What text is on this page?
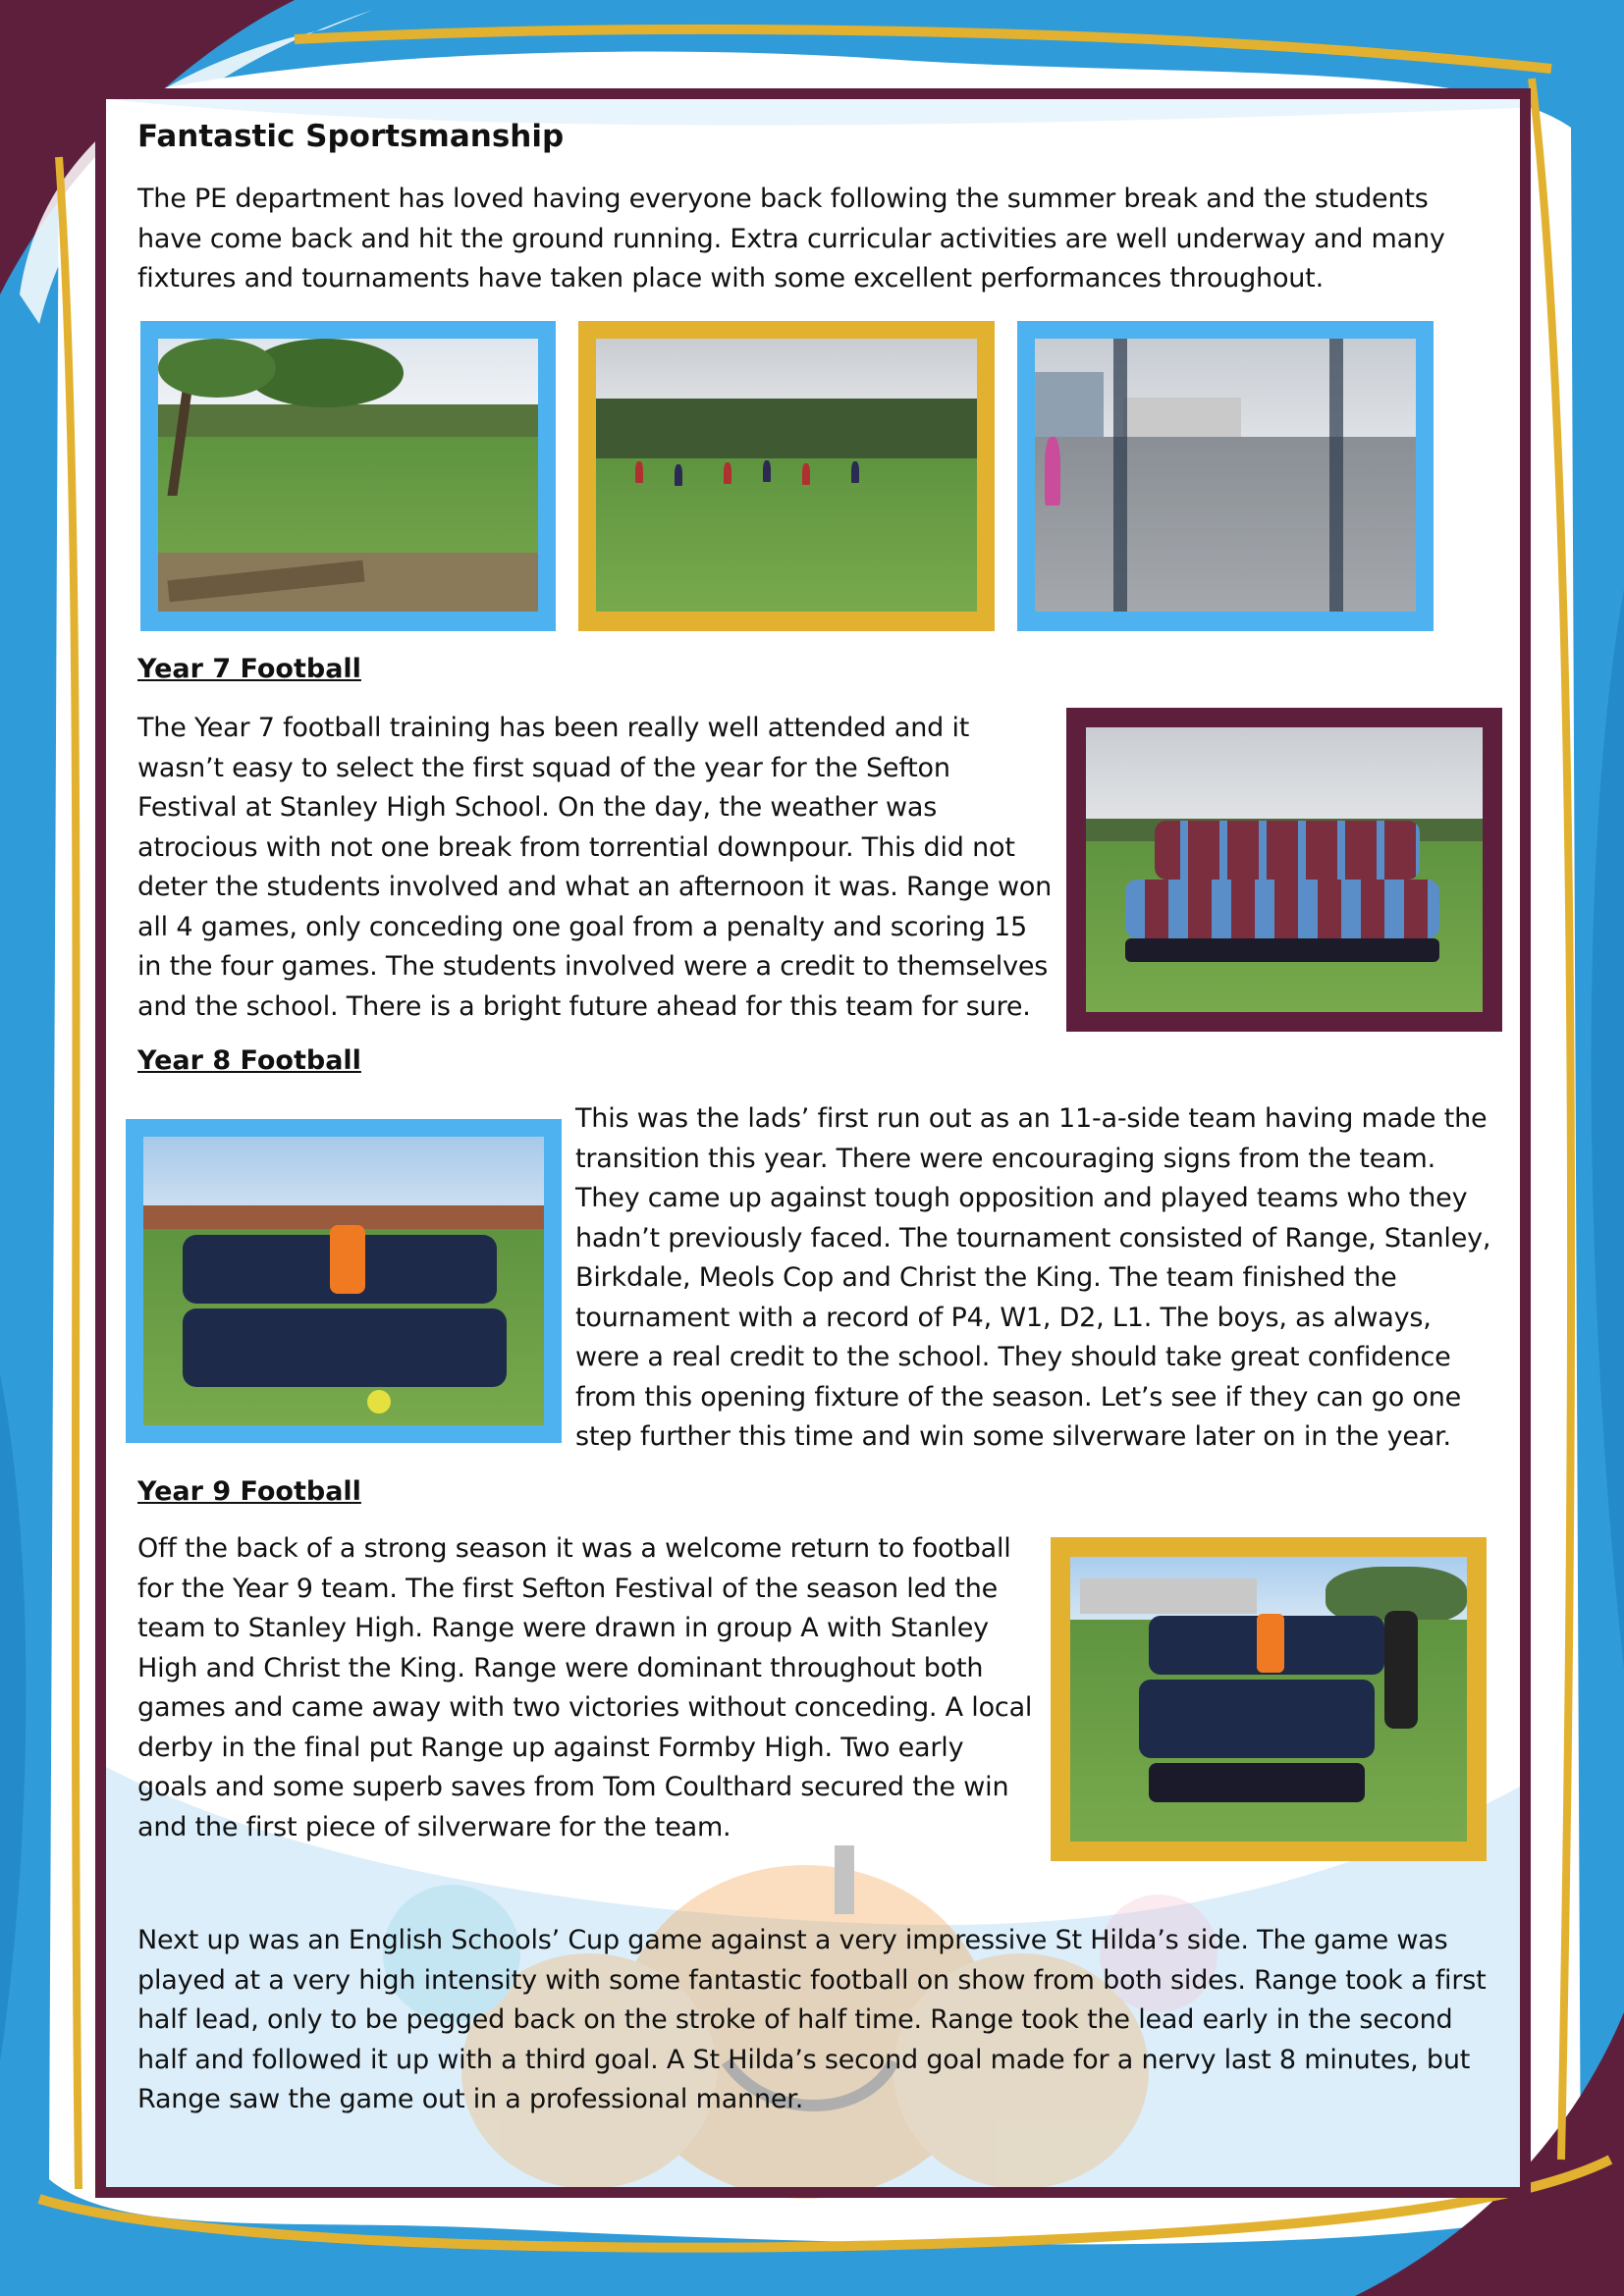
Fantastic Sportsmanship
The PE department has loved having everyone back following the summer break and the students have come back and hit the ground running. Extra curricular activities are well underway and many fixtures and tournaments have taken place with some excellent performances throughout.
Year 7 Football
The Year 7 football training has been really well attended and it wasn’t easy to select the first squad of the year for the Sefton Festival at Stanley High School. On the day, the weather was atrocious with not one break from torrential downpour. This did not deter the students involved and what an afternoon it was. Range won all 4 games, only conceding one goal from a penalty and scoring 15 in the four games. The students involved were a credit to themselves and the school. There is a bright future ahead for this team for sure.
Year 8 Football
This was the lads’ first run out as an 11-a-side team having made the transition this year. There were encouraging signs from the team. They came up against tough opposition and played teams who they hadn’t previously faced. The tournament consisted of Range, Stanley, Birkdale, Meols Cop and Christ the King. The team finished the tournament with a record of P4, W1, D2, L1. The boys, as always, were a real credit to the school. They should take great confidence from this opening fixture of the season. Let’s see if they can go one step further this time and win some silverware later on in the year.
Year 9 Football
Off the back of a strong season it was a welcome return to football for the Year 9 team. The first Sefton Festival of the season led the team to Stanley High. Range were drawn in group A with Stanley High and Christ the King. Range were dominant throughout both games and came away with two victories without conceding. A local derby in the final put Range up against Formby High. Two early goals and some superb saves from Tom Coulthard secured the win and the first piece of silverware for the team.
Next up was an English Schools’ Cup game against a very impressive St Hilda’s side. The game was played at a very high intensity with some fantastic football on show from both sides. Range took a first half lead, only to be pegged back on the stroke of half time. Range took the lead early in the second half and followed it up with a third goal. A St Hilda’s second goal made for a nervy last 8 minutes, but Range saw the game out in a professional manner.
